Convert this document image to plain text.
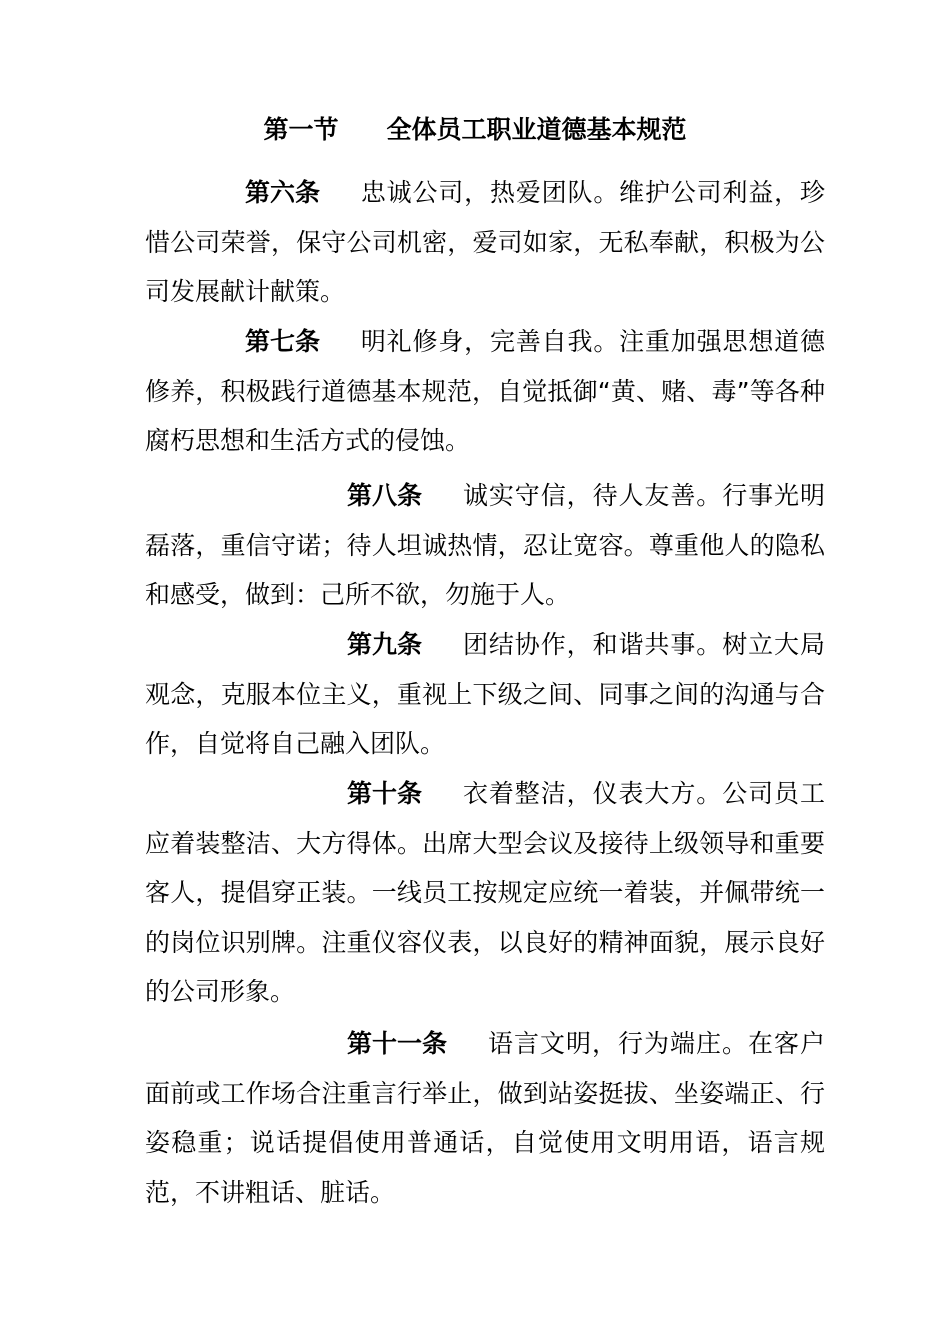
第一节 全体员工职业道德基本规范

第六条 忠诚公司，热爱团队。维护公司利益，珍惜公司荣誉，保守公司机密，爱司如家，无私奉献，积极为公司发展献计献策。

第七条 明礼修身，完善自我。注重加强思想道德修养，积极践行道德基本规范，自觉抵御“黄、赌、毒”等各种腐朽思想和生活方式的侵蚀。

第八条 诚实守信，待人友善。行事光明磊落，重信守诺；待人坦诚热情，忍让宽容。尊重他人的隐私和感受，做到：己所不欲，勿施于人。

第九条 团结协作，和谐共事。树立大局观念，克服本位主义，重视上下级之间、同事之间的沟通与合作，自觉将自己融入团队。

第十条 衣着整洁，仪表大方。公司员工应着装整洁、大方得体。出席大型会议及接待上级领导和重要客人，提倡穿正装。一线员工按规定应统一着装，并佩带统一的岗位识别牌。注重仪容仪表，以良好的精神面貌，展示良好的公司形象。

第十一条 语言文明，行为端庄。在客户面前或工作场合注重言行举止，做到站姿挺拔、坐姿端正、行姿稳重；说话提倡使用普通话，自觉使用文明用语，语言规范，不讲粗话、脏话。
